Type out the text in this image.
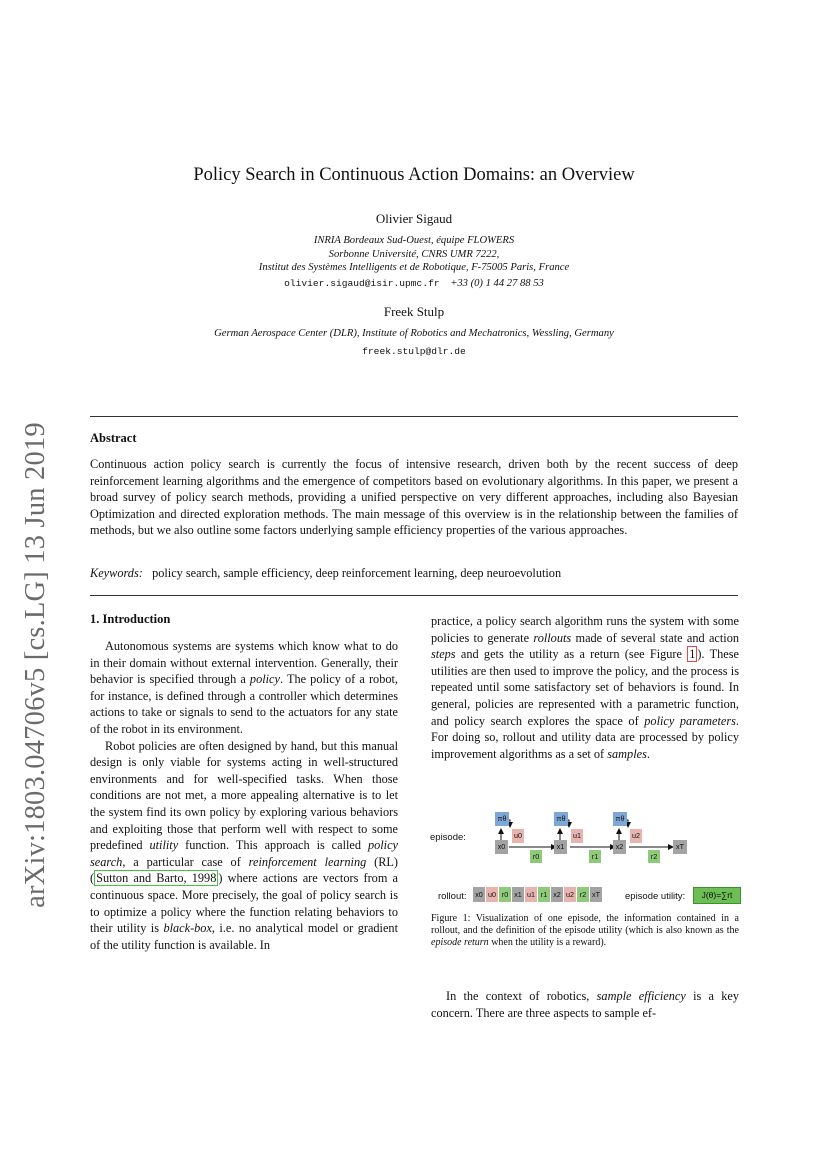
arXiv:1803.04706v5 [cs.LG] 13 Jun 2019
Policy Search in Continuous Action Domains: an Overview
Olivier Sigaud
INRIA Bordeaux Sud-Ouest, équipe FLOWERS
Sorbonne Université, CNRS UMR 7222,
Institut des Systèmes Intelligents et de Robotique, F-75005 Paris, France
olivier.sigaud@isir.upmc.fr +33 (0) 1 44 27 88 53
Freek Stulp
German Aerospace Center (DLR), Institute of Robotics and Mechatronics, Wessling, Germany
freek.stulp@dlr.de
Abstract
Continuous action policy search is currently the focus of intensive research, driven both by the recent success of deep reinforcement learning algorithms and the emergence of competitors based on evolutionary algorithms. In this paper, we present a broad survey of policy search methods, providing a unified perspective on very different approaches, including also Bayesian Optimization and directed exploration methods. The main message of this overview is in the relationship between the families of methods, but we also outline some factors underlying sample efficiency properties of the various approaches.
Keywords: policy search, sample efficiency, deep reinforcement learning, deep neuroevolution
1. Introduction

Autonomous systems are systems which know what to do in their domain without external intervention. Generally, their behavior is specified through a policy. The policy of a robot, for instance, is defined through a controller which determines actions to take or signals to send to the actuators for any state of the robot in its environment.

Robot policies are often designed by hand, but this manual design is only viable for systems acting in well-structured environments and for well-specified tasks. When those conditions are not met, a more appealing alternative is to let the system find its own policy by exploring various behaviors and exploiting those that perform well with respect to some predefined utility function. This approach is called policy search, a particular case of reinforcement learning (RL) ( Sutton and Barto, 1998 ) where actions are vectors from a continuous space. More precisely, the goal of policy search is to optimize a policy where the function relating behaviors to their utility is black-box, i.e. no analytical model or gradient of the utility function is available. In

practice, a policy search algorithm runs the system with some policies to generate rollouts made of several state and action steps and gets the utility as a return (see Figure 1 ). These utilities are then used to improve the policy, and the process is repeated until some satisfactory set of behaviors is found. In general, policies are represented with a parametric function, and policy search explores the space of policy parameters. For doing so, rollout and utility data are processed by policy improvement algorithms as a set of samples.

episode:
πθ	πθ	πθ
u0	u1	u2
x0	x1	x2	xT
r0	r1	r2
rollout:	x0 u0 r0 x1 u1 r1 x2 u2 r2 xT	episode utility:	J(θ)=∑rt
Figure 1: Visualization of one episode, the information contained in a rollout, and the definition of the episode utility (which is also known as the episode return when the utility is a reward).

In the context of robotics, sample efficiency is a key concern. There are three aspects to sample ef-
